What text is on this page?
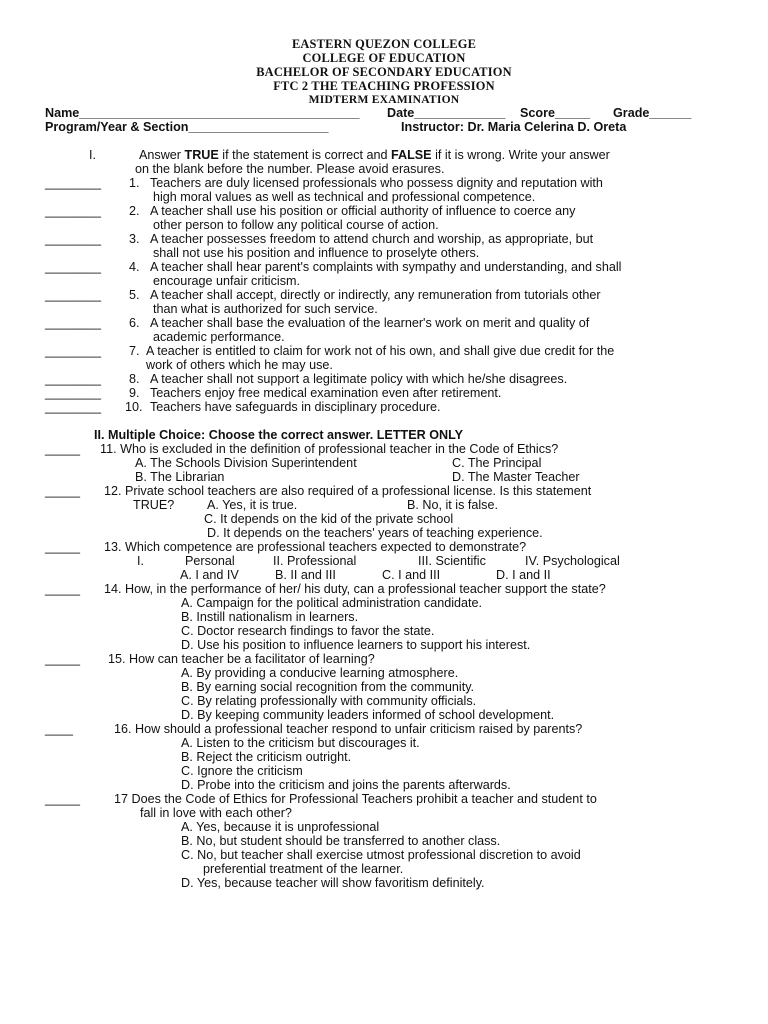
EASTERN QUEZON COLLEGE
COLLEGE OF EDUCATION
BACHELOR OF SECONDARY EDUCATION
FTC 2 THE TEACHING PROFESSION
MIDTERM EXAMINATION
Name________________________________________ Date_____________ Score_____ Grade______
Program/Year & Section____________________	Instructor: Dr. Maria Celerina D. Oreta
I.	Answer TRUE if the statement is correct and FALSE if it is wrong. Write your answer
on the blank before the number. Please avoid erasures.
________ 1. Teachers are duly licensed professionals who possess dignity and reputation with
high moral values as well as technical and professional competence.
________ 2. A teacher shall use his position or official authority of influence to coerce any
other person to follow any political course of action.
________ 3. A teacher possesses freedom to attend church and worship, as appropriate, but
shall not use his position and influence to proselyte others.
________ 4. A teacher shall hear parent's complaints with sympathy and understanding, and shall
encourage unfair criticism.
________ 5. A teacher shall accept, directly or indirectly, any remuneration from tutorials other
than what is authorized for such service.
________ 6. A teacher shall base the evaluation of the learner's work on merit and quality of
academic performance.
________ 7. A teacher is entitled to claim for work not of his own, and shall give due credit for the
work of others which he may use.
________ 8. A teacher shall not support a legitimate policy with which he/she disagrees.
________ 9. Teachers enjoy free medical examination even after retirement.
________ 10. Teachers have safeguards in disciplinary procedure.
II. Multiple Choice: Choose the correct answer. LETTER ONLY
_____ 11. Who is excluded in the definition of professional teacher in the Code of Ethics?
A. The Schools Division Superintendent	C. The Principal
B. The Librarian	D. The Master Teacher
_____ 12. Private school teachers are also required of a professional license. Is this statement
TRUE?	A. Yes, it is true.	B. No, it is false.
C. It depends on the kid of the private school
D. It depends on the teachers' years of teaching experience.
_____ 13. Which competence are professional teachers expected to demonstrate?
I.	Personal	II. Professional	III. Scientific	IV. Psychological
A. I and IV	B. II and III	C. I and III	D. I and II
_____ 14. How, in the performance of her/ his duty, can a professional teacher support the state?
A. Campaign for the political administration candidate.
B. Instill nationalism in learners.
C. Doctor research findings to favor the state.
D. Use his position to influence learners to support his interest.
_____ 15. How can teacher be a facilitator of learning?
A. By providing a conducive learning atmosphere.
B. By earning social recognition from the community.
C. By relating professionally with community officials.
D. By keeping community leaders informed of school development.
____	16. How should a professional teacher respond to unfair criticism raised by parents?
A. Listen to the criticism but discourages it.
B. Reject the criticism outright.
C. Ignore the criticism
D. Probe into the criticism and joins the parents afterwards.
_____	17 Does the Code of Ethics for Professional Teachers prohibit a teacher and student to
fall in love with each other?
A. Yes, because it is unprofessional
B. No, but student should be transferred to another class.
C. No, but teacher shall exercise utmost professional discretion to avoid
preferential treatment of the learner.
D. Yes, because teacher will show favoritism definitely.
